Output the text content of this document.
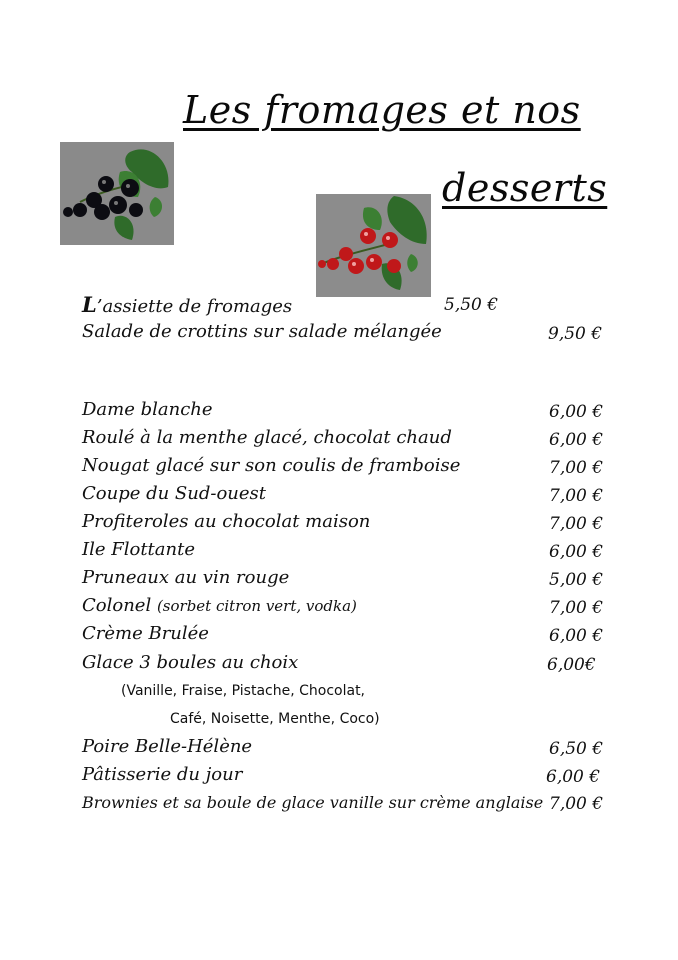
Les fromages et nos
desserts
L’assiette de fromages	5,50 €
Salade de crottins sur salade mélangée	9,50 €
Dame blanche	6,00 €
Roulé à la menthe glacé, chocolat chaud	6,00 €
Nougat glacé sur son coulis de framboise	7,00 €
Coupe du Sud-ouest	7,00 €
Profiteroles au chocolat maison	7,00 €
Ile Flottante	6,00 €
Pruneaux au vin rouge	5,00 €
Colonel (sorbet citron vert, vodka)	7,00 €
Crème Brulée	6,00 €
Glace 3 boules au choix	6,00€
(Vanille, Fraise, Pistache, Chocolat,
Café, Noisette, Menthe, Coco)
Poire Belle-Hélène	6,50 €
Pâtisserie du jour	6,00 €
Brownies et sa boule de glace vanille sur crème anglaise 7,00 €
